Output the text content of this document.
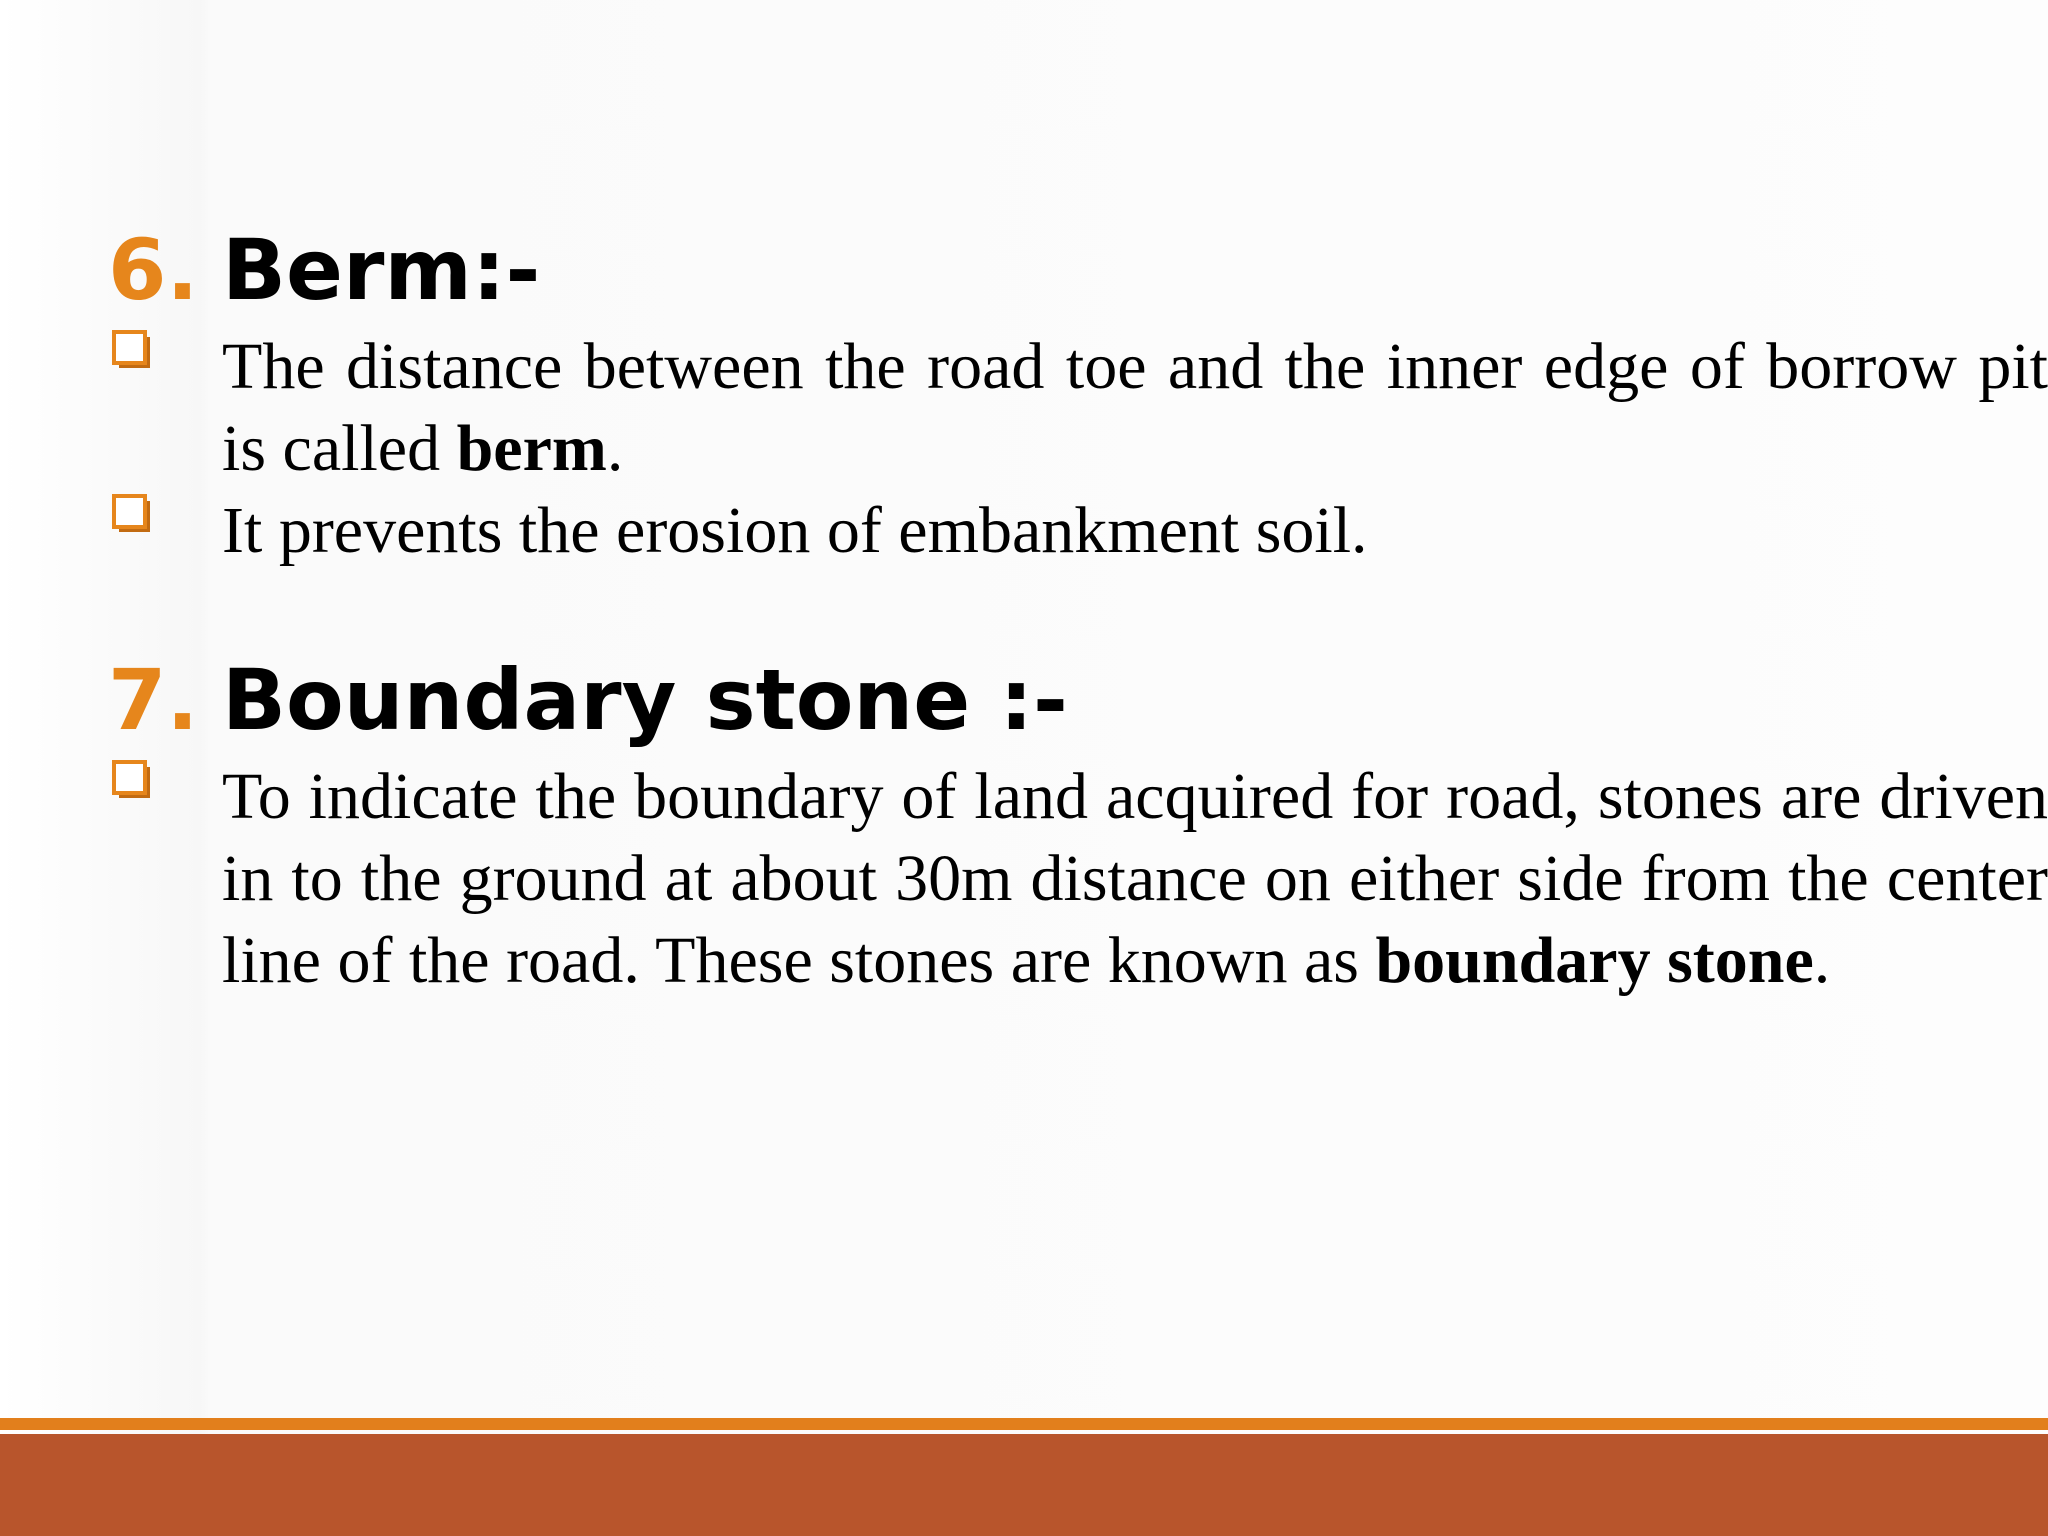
6. Berm:-
The distance between the road toe and the inner edge of borrow pit is called berm.
It prevents the erosion of embankment soil.
7. Boundary stone :-
To indicate the boundary of land acquired for road, stones are driven in to the ground at about 30m distance on either side from the center line of the road. These stones are known as boundary stone.
